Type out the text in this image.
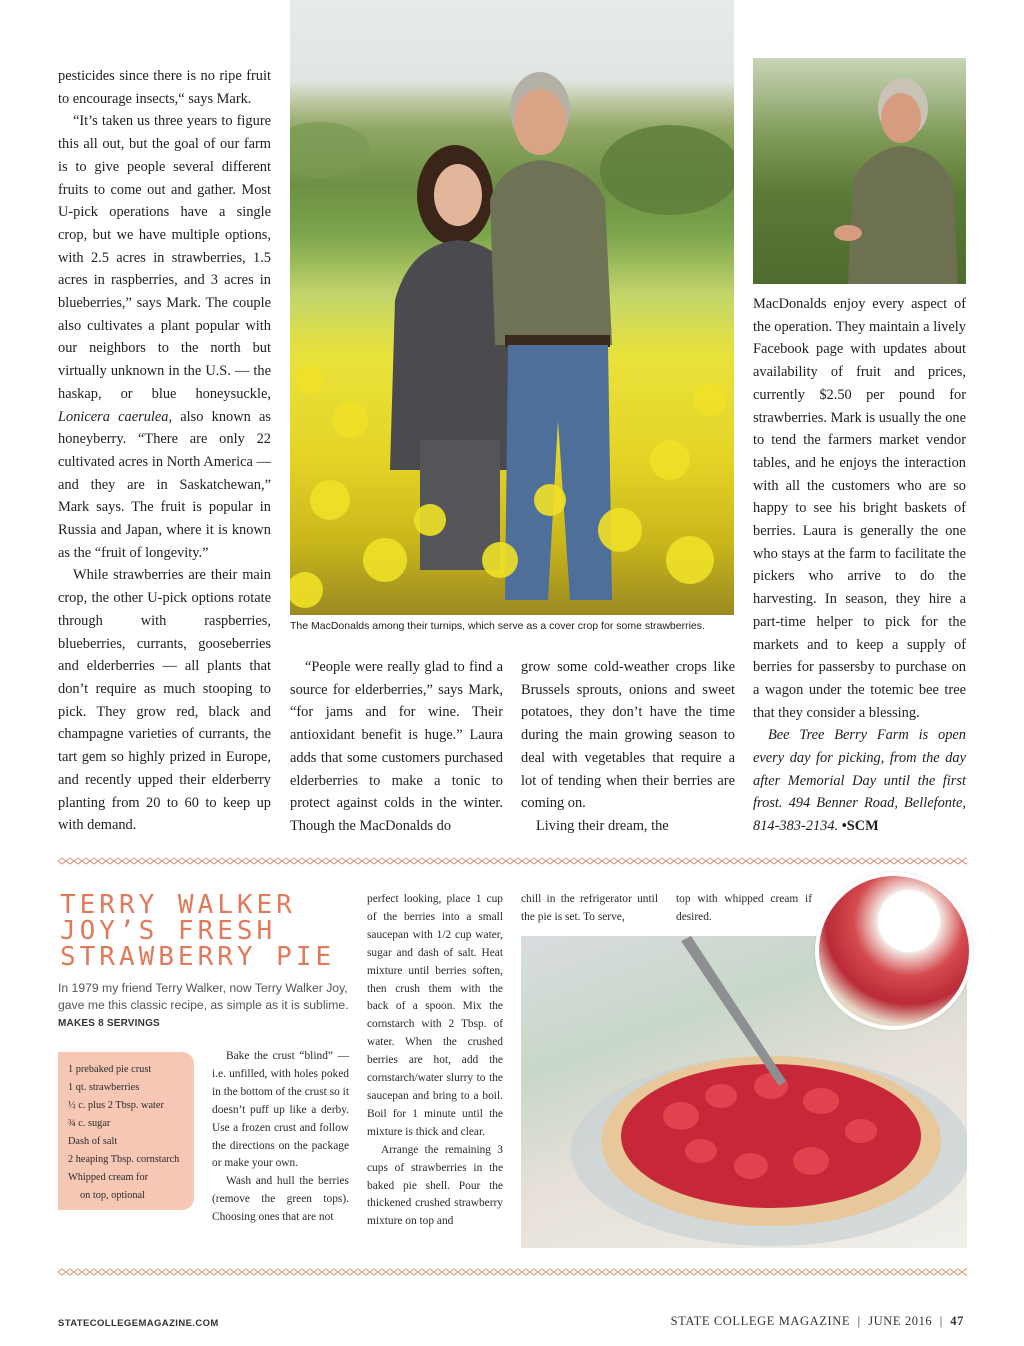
pesticides since there is no ripe fruit to encourage insects,“ says Mark.

“It’s taken us three years to figure this all out, but the goal of our farm is to give people several different fruits to come out and gather. Most U-pick operations have a single crop, but we have multiple options, with 2.5 acres in strawberries, 1.5 acres in raspberries, and 3 acres in blueberries,” says Mark. The couple also cultivates a plant popular with our neighbors to the north but virtually unknown in the U.S. — the haskap, or blue honeysuckle, Lonicera caerulea, also known as honeyberry. “There are only 22 cultivated acres in North America — and they are in Saskatchewan,” Mark says. The fruit is popular in Russia and Japan, where it is known as the “fruit of longevity.”

While strawberries are their main crop, the other U-pick options rotate through with raspberries, blueberries, currants, gooseberries and elderberries — all plants that don’t require as much stooping to pick. They grow red, black and champagne varieties of currants, the tart gem so highly prized in Europe, and recently upped their elderberry planting from 20 to 60 to keep up with demand.

The MacDonalds among their turnips, which serve as a cover crop for some strawberries.

“People were really glad to find a source for elderberries,” says Mark, “for jams and for wine. Their antioxidant benefit is huge.” Laura adds that some customers purchased elderberries to make a tonic to protect against colds in the winter. Though the MacDonalds do

grow some cold-weather crops like Brussels sprouts, onions and sweet potatoes, they don’t have the time during the main growing season to deal with vegetables that require a lot of tending when their berries are coming on.

Living their dream, the

MacDonalds enjoy every aspect of the operation. They maintain a lively Facebook page with updates about availability of fruit and prices, currently $2.50 per pound for strawberries. Mark is usually the one to tend the farmers market vendor tables, and he enjoys the interaction with all the customers who are so happy to see his bright baskets of berries. Laura is generally the one who stays at the farm to facilitate the pickers who arrive to do the harvesting. In season, they hire a part-time helper to pick for the markets and to keep a supply of berries for passersby to purchase on a wagon under the totemic bee tree that they consider a blessing.

Bee Tree Berry Farm is open every day for picking, from the day after Memorial Day until the first frost. 494 Benner Road, Bellefonte, 814-383-2134. •SCM

TERRY WALKER
JOY’S FRESH
STRAWBERRY PIE
In 1979 my friend Terry Walker, now Terry Walker Joy, gave me this classic recipe, as simple as it is sublime. MAKES 8 SERVINGS
1 prebaked pie crust
1 qt. strawberries
½ c. plus 2 Tbsp. water
¾ c. sugar
Dash of salt
2 heaping Tbsp. cornstarch
Whipped cream for
on top, optional

Bake the crust “blind” — i.e. unfilled, with holes poked in the bottom of the crust so it doesn’t puff up like a derby. Use a frozen crust and follow the directions on the package or make your own.

Wash and hull the berries (remove the green tops). Choosing ones that are not

perfect looking, place 1 cup of the berries into a small saucepan with 1/2 cup water, sugar and dash of salt. Heat mixture until berries soften, then crush them with the back of a spoon. Mix the cornstarch with 2 Tbsp. of water. When the crushed berries are hot, add the cornstarch/water slurry to the saucepan and bring to a boil. Boil for 1 minute until the mixture is thick and clear.

Arrange the remaining 3 cups of strawberries in the baked pie shell. Pour the thickened crushed strawberry mixture on top and

chill in the refrigerator until the pie is set. To serve,

top with whipped cream if desired.

STATECOLLEGEMAGAZINE.COM	STATE COLLEGE MAGAZINE | JUNE 2016 | 47
